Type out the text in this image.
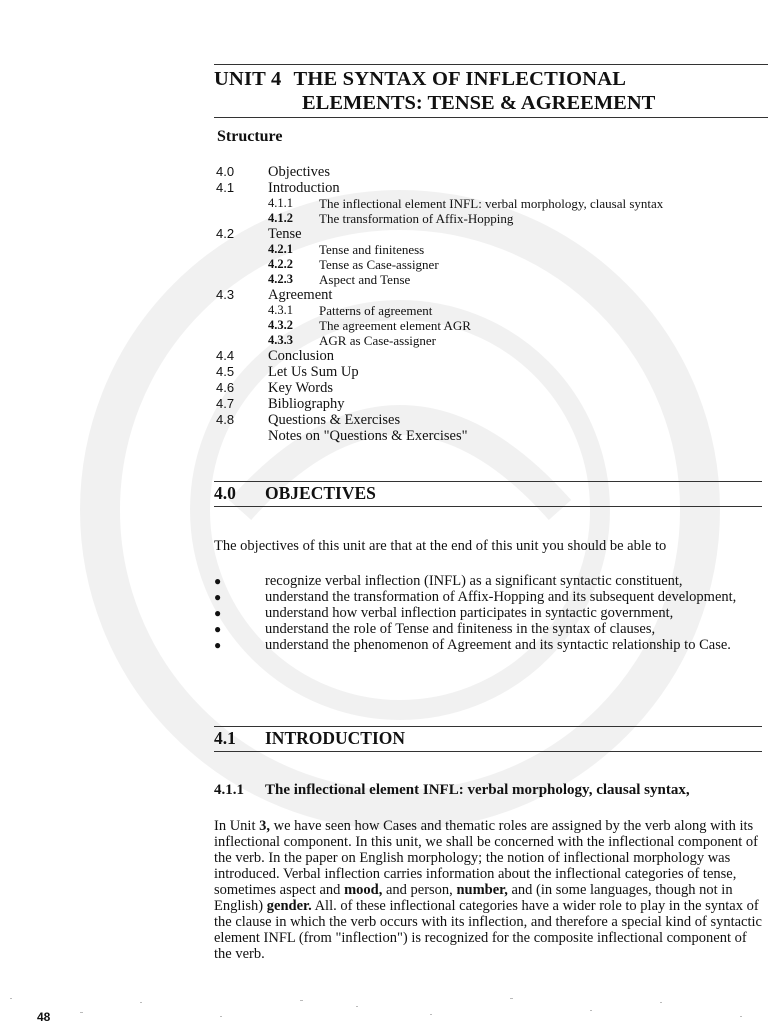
UNIT 4 THE SYNTAX OF INFLECTIONAL
ELEMENTS: TENSE & AGREEMENT
Structure
4.0 Objectives
4.1 Introduction
4.1.1 The inflectional element INFL: verbal morphology, clausal syntax
4.1.2 The transformation of Affix-Hopping
4.2 Tense
4.2.1 Tense and finiteness
4.2.2 Tense as Case-assigner
4.2.3 Aspect and Tense
4.3 Agreement
4.3.1 Patterns of agreement
4.3.2 The agreement element AGR
4.3.3 AGR as Case-assigner
4.4 Conclusion
4.5 Let Us Sum Up
4.6 Key Words
4.7 Bibliography
4.8 Questions & Exercises
Notes on "Questions & Exercises"
4.0 OBJECTIVES
The objectives of this unit are that at the end of this unit you should be able to
●	recognize verbal inflection (INFL) as a significant syntactic constituent,
●	understand the transformation of Affix-Hopping and its subsequent development,
●	understand how verbal inflection participates in syntactic government,
●	understand the role of Tense and finiteness in the syntax of clauses,
●	understand the phenomenon of Agreement and its syntactic relationship to Case.
4.1 INTRODUCTION
4.1.1 The inflectional element INFL: verbal morphology, clausal syntax,

In Unit 3, we have seen how Cases and thematic roles are assigned by the verb along with its inflectional component. In this unit, we shall be concerned with the inflectional component of the verb. In the paper on English morphology; the notion of inflectional morphology was introduced. Verbal inflection carries information about the inflectional categories of tense, sometimes aspect and mood, and person, number, and (in some languages, though not in English) gender. All. of these inflectional categories have a wider role to play in the syntax of the clause in which the verb occurs with its inflection, and therefore a special kind of syntactic element INFL (from "inflection") is recognized for the composite inflectional component of the verb.

48
